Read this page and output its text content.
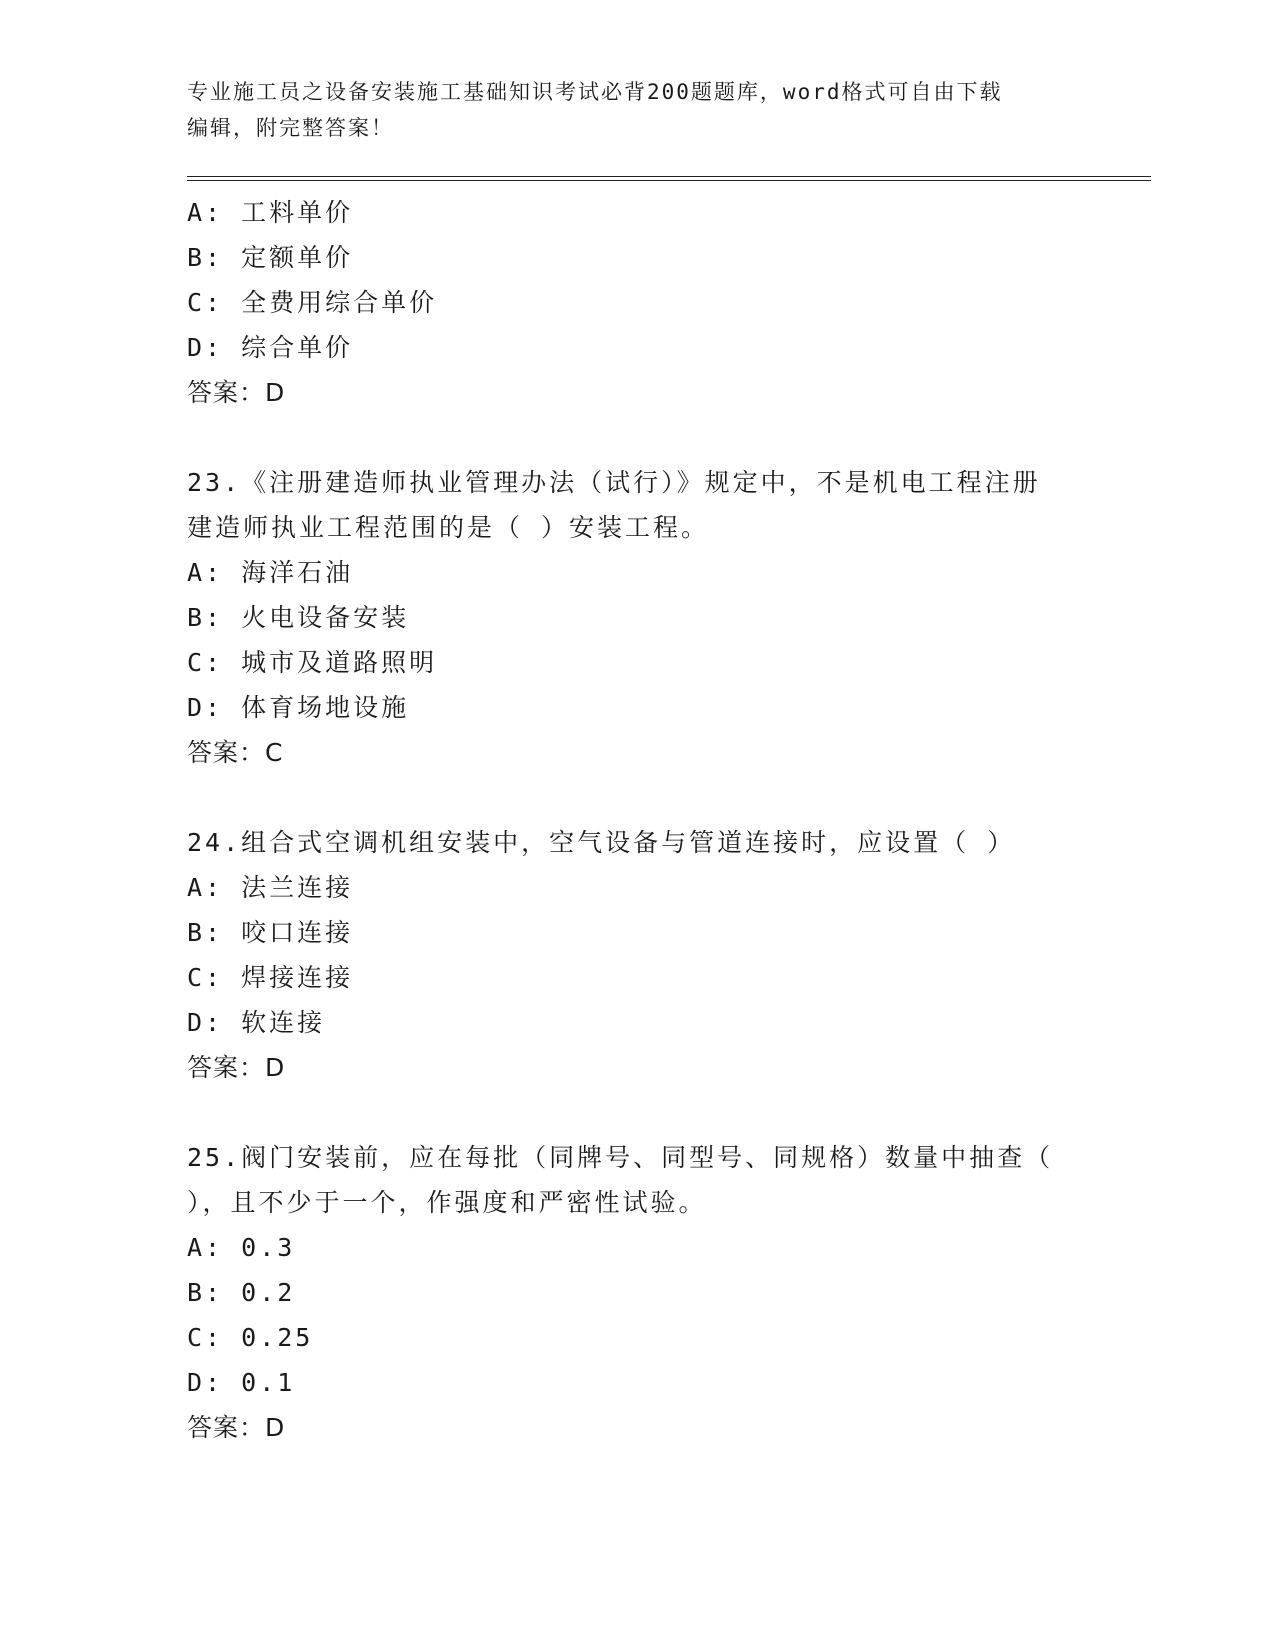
专业施工员之设备安装施工基础知识考试必背200题题库，word格式可自由下载
编辑，附完整答案！
A: 工料单价
B: 定额单价
C: 全费用综合单价
D: 综合单价
答案：D
23.《注册建造师执业管理办法（试行）》规定中，不是机电工程注册
建造师执业工程范围的是（ ）安装工程。
A: 海洋石油
B: 火电设备安装
C: 城市及道路照明
D: 体育场地设施
答案：C
24.组合式空调机组安装中，空气设备与管道连接时，应设置（ ）
A: 法兰连接
B: 咬口连接
C: 焊接连接
D: 软连接
答案：D
25.阀门安装前，应在每批（同牌号、同型号、同规格）数量中抽查（
），且不少于一个，作强度和严密性试验。
A: 0.3
B: 0.2
C: 0.25
D: 0.1
答案：D
